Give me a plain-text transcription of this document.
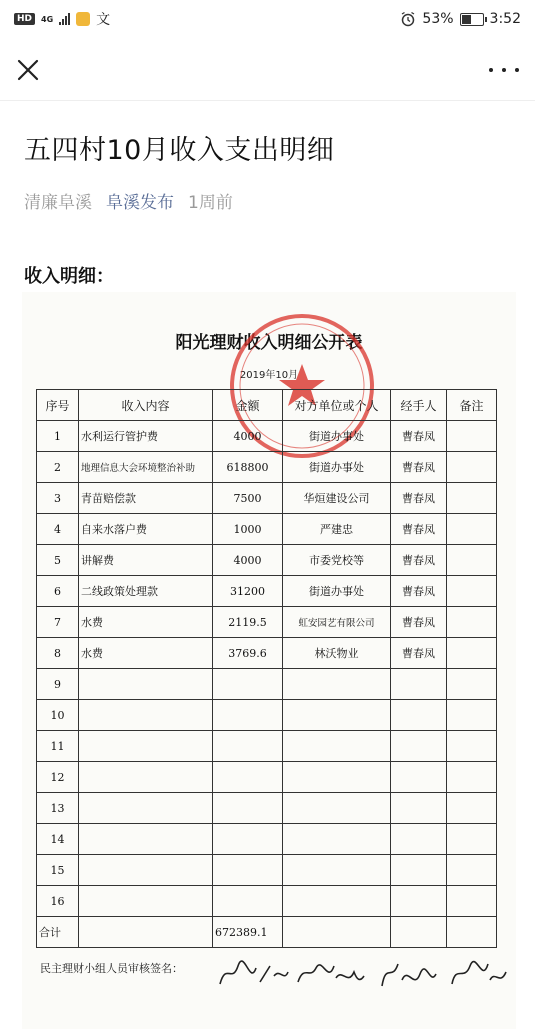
HD	4G	文	53%	3:52
五四村10月收入支出明细
清廉阜溪 阜溪发布 1周前
收入明细：
阳光理财收入明细公开表
2019年10月
序号	收入内容	金额	对方单位或个人	经手人	备注
1	水利运行管护费	4000	街道办事处	曹春凤	
2	地理信息大会环境整治补助	618800	街道办事处	曹春凤	
3	青苗赔偿款	7500	华烜建设公司	曹春凤	
4	自来水落户费	1000	严建忠	曹春凤	
5	讲解费	4000	市委党校等	曹春凤	
6	二线政策处理款	31200	街道办事处	曹春凤	
7	水费	2119.5	虹安园艺有限公司	曹春凤	
8	水费	3769.6	林沃物业	曹春凤	
9					
10					
11					
12					
13					
14					
15					
16					
合计		672389.1			
民主理财小组人员审核签名：
